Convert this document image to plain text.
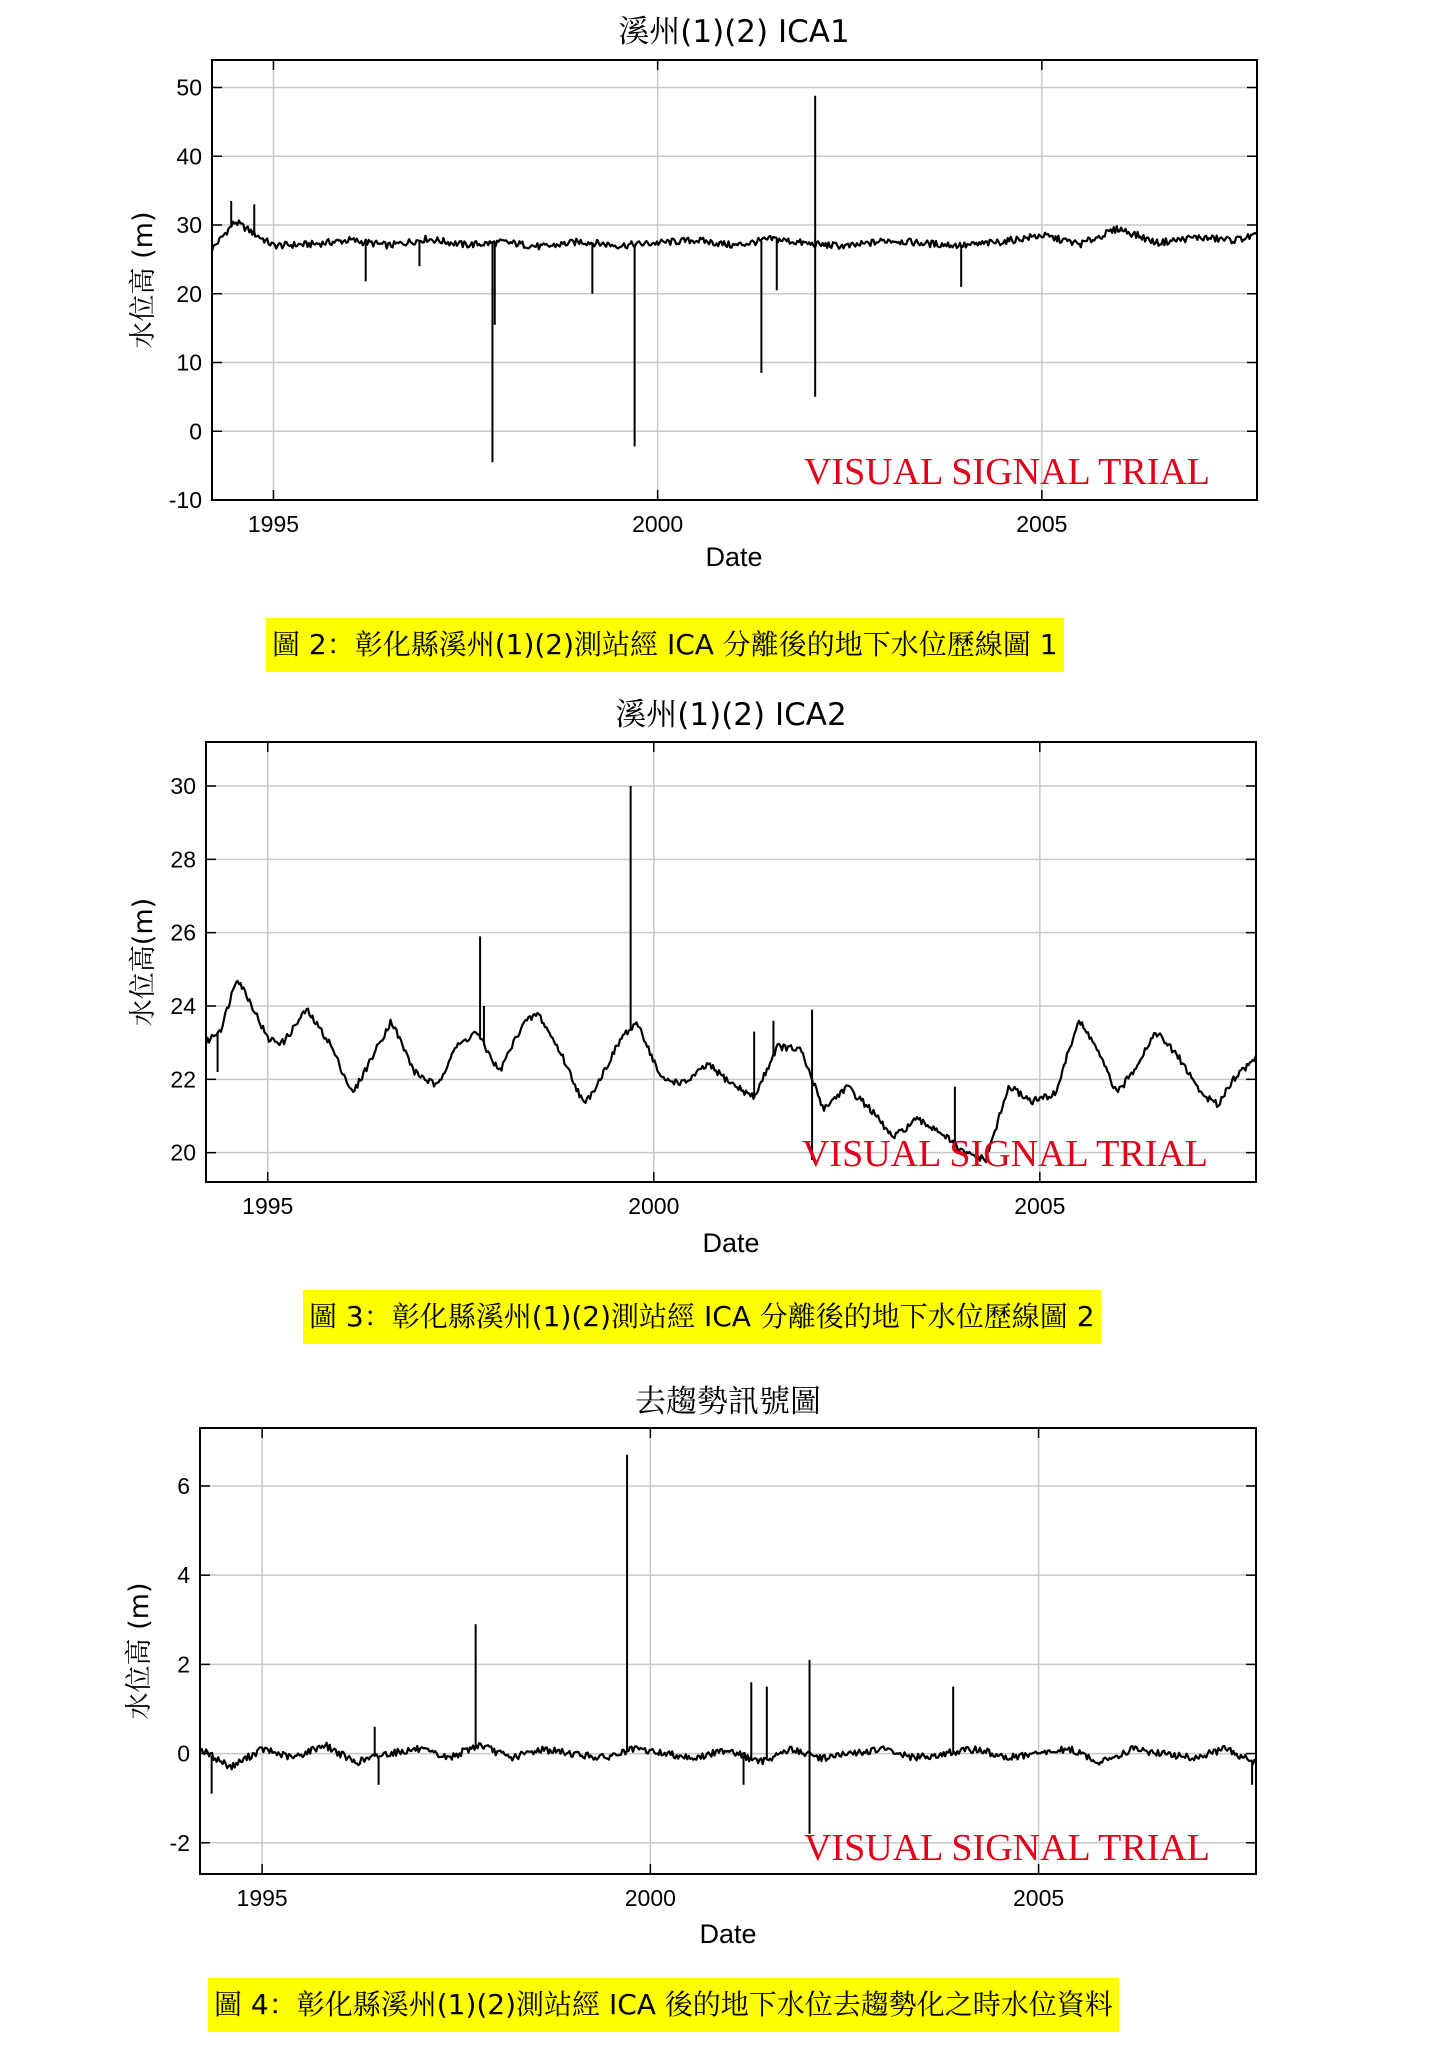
1995	2000	2005
50
40
30
20
10
0
-10
溪州(1)(2) ICA1
Date
水位高 (m)
VISUAL SIGNAL TRIAL
圖 2：彰化縣溪州(1)(2)測站經 ICA 分離後的地下水位歷線圖 1
1995	2000	2005
30
28
26
24
22
20
溪州(1)(2) ICA2
Date
水位高(m)
VISUAL SIGNAL TRIAL
圖 3：彰化縣溪州(1)(2)測站經 ICA 分離後的地下水位歷線圖 2
1995	2000	2005
6
4
2
0
-2
去趨勢訊號圖
Date
水位高 (m)
VISUAL SIGNAL TRIAL
圖 4：彰化縣溪州(1)(2)測站經 ICA 後的地下水位去趨勢化之時水位資料
